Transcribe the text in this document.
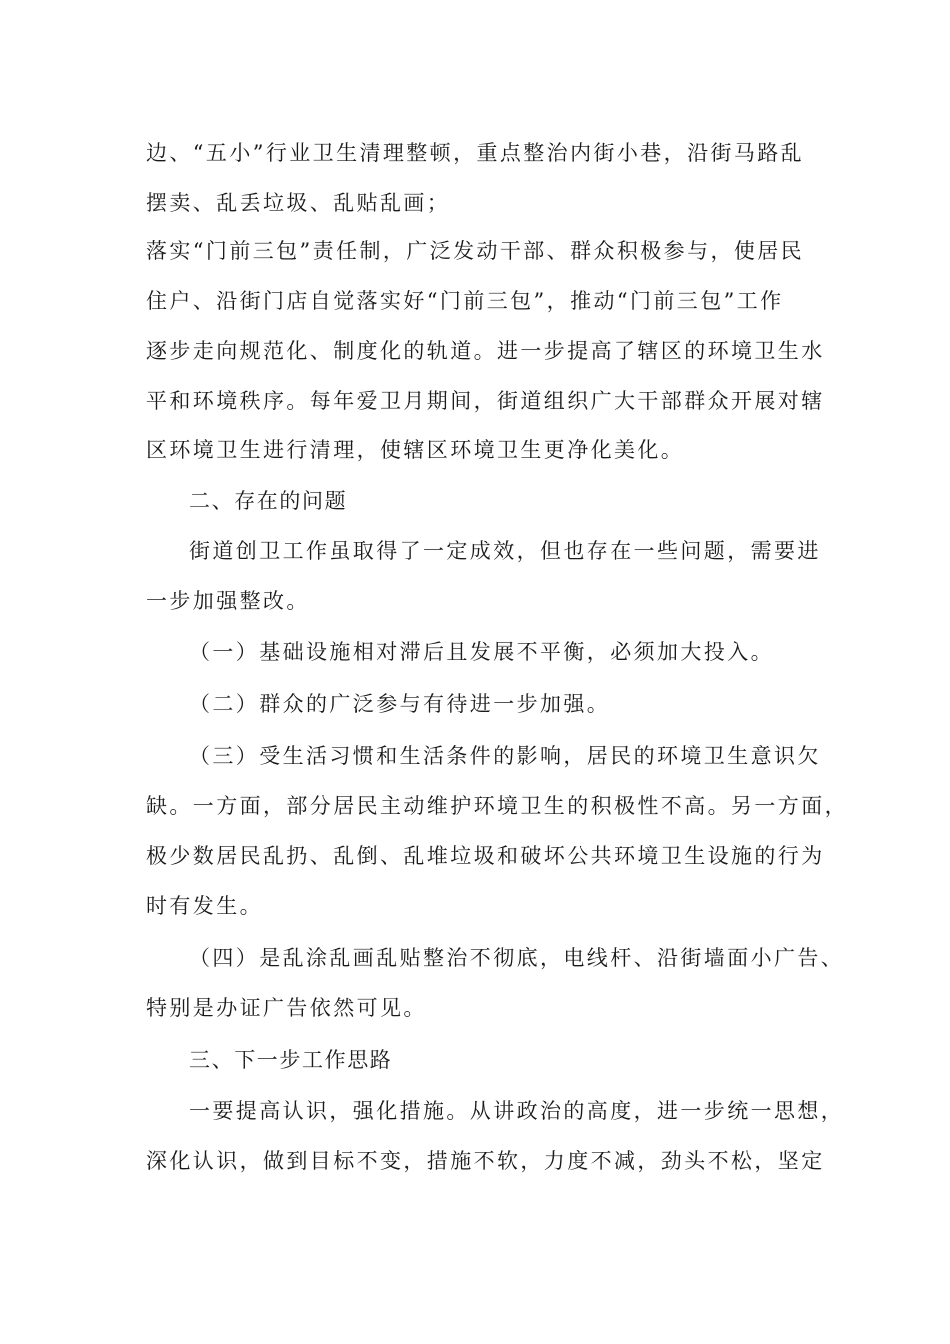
边、“五小”行业卫生清理整顿，重点整治内街小巷，沿街马路乱
摆卖、乱丢垃圾、乱贴乱画；
落实“门前三包”责任制，广泛发动干部、群众积极参与，使居民
住户、沿街门店自觉落实好“门前三包”，推动“门前三包”工作
逐步走向规范化、制度化的轨道。进一步提高了辖区的环境卫生水
平和环境秩序。每年爱卫月期间，街道组织广大干部群众开展对辖
区环境卫生进行清理，使辖区环境卫生更净化美化。
二、存在的问题
街道创卫工作虽取得了一定成效，但也存在一些问题，需要进
一步加强整改。
（一）基础设施相对滞后且发展不平衡，必须加大投入。
（二）群众的广泛参与有待进一步加强。
（三）受生活习惯和生活条件的影响，居民的环境卫生意识欠
缺。一方面，部分居民主动维护环境卫生的积极性不高。另一方面，
极少数居民乱扔、乱倒、乱堆垃圾和破坏公共环境卫生设施的行为
时有发生。
（四）是乱涂乱画乱贴整治不彻底，电线杆、沿街墙面小广告、
特别是办证广告依然可见。
三、下一步工作思路
一要提高认识，强化措施。从讲政治的高度，进一步统一思想，
深化认识，做到目标不变，措施不软，力度不减，劲头不松，坚定
